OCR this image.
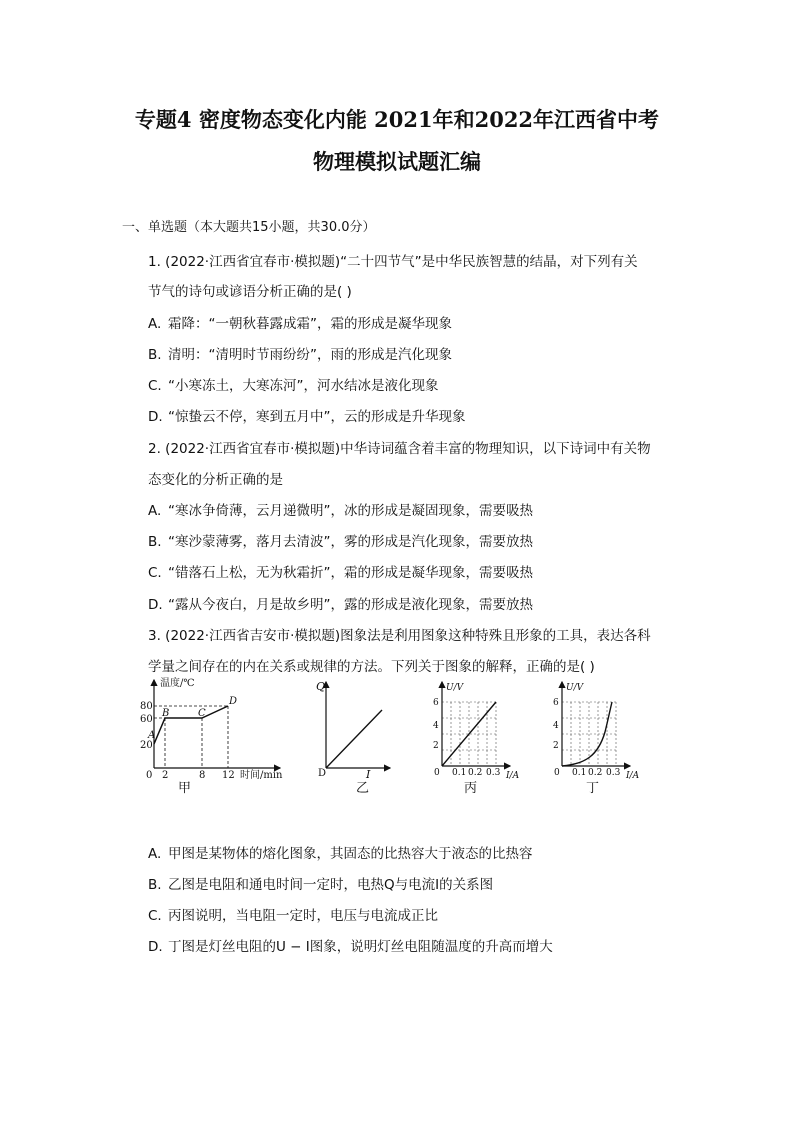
专题4 密度物态变化内能 2021年和2022年江西省中考
物理模拟试题汇编
一、单选题（本大题共15小题，共30.0分）
1. (2022·江西省宜春市·模拟题)“二十四节气”是中华民族智慧的结晶，对下列有关
节气的诗句或谚语分析正确的是( )
A. 霜降：“一朝秋暮露成霜”，霜的形成是凝华现象
B. 清明：“清明时节雨纷纷”，雨的形成是汽化现象
C. “小寒冻土，大寒冻河”，河水结冰是液化现象
D. “惊蛰云不停，寒到五月中”，云的形成是升华现象
2. (2022·江西省宜春市·模拟题)中华诗词蕴含着丰富的物理知识，以下诗词中有关物
态变化的分析正确的是
A. “寒冰争倚薄，云月递微明”，冰的形成是凝固现象，需要吸热
B. “寒沙蒙薄雾，落月去清波”，雾的形成是汽化现象，需要放热
C. “错落石上松，无为秋霜折”，霜的形成是凝华现象，需要吸热
D. “露从今夜白，月是故乡明”，露的形成是液化现象，需要放热
3. (2022·江西省吉安市·模拟题)图象法是利用图象这种特殊且形象的工具，表达各科
学量之间存在的内在关系或规律的方法。下列关于图象的解释，正确的是( )
温度/℃
80
60
20
0 2	8 12 时间/min
A
B	C
D
甲
Q
D	I
乙
U/V
6
4
2
0 0.1 0.2 0.3 I/A
丙
U/V
6
4
2
0 0.1 0.2 0.3 I/A
丁
A. 甲图是某物体的熔化图象，其固态的比热容大于液态的比热容
B. 乙图是电阻和通电时间一定时，电热Q与电流I的关系图
C. 丙图说明，当电阻一定时，电压与电流成正比
D. 丁图是灯丝电阻的U − I图象，说明灯丝电阻随温度的升高而增大
